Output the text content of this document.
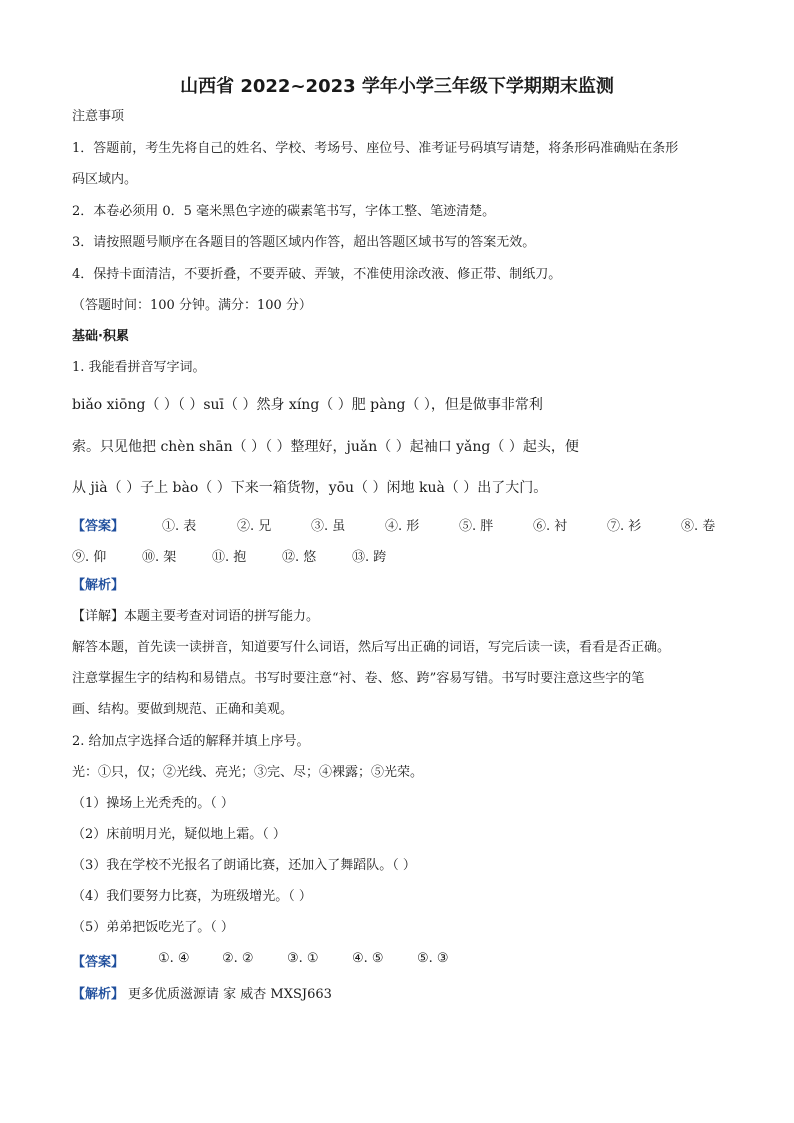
山西省 2022~2023 学年小学三年级下学期期末监测
注意事项
1．答题前，考生先将自己的姓名、学校、考场号、座位号、准考证号码填写请楚，将条形码准确贴在条形
码区域内。
2．本卷必须用 0．5 毫米黑色字迹的碳素笔书写，字体工整、笔迹清楚。
3．请按照题号顺序在各题目的答题区域内作答，超出答题区域书写的答案无效。
4．保持卡面清洁，不要折叠，不要弄破、弄皱，不准使用涂改液、修正带、制纸刀。
（答题时间：100 分钟。满分：100 分）
基础·积累
1. 我能看拼音写字词。
biǎo xiōng（ ）（ ）suī（ ）然身 xíng（ ）肥 pàng（ ），但是做事非常利
索。只见他把 chèn shān（ ）（ ）整理好，juǎn（ ）起袖口 yǎng（ ）起头，便
从 jià（ ）子上 bào（ ）下来一箱货物，yōu（ ）闲地 kuà（ ）出了大门。
【答案】	①. 表	②. 兄	③. 虽	④. 形	⑤. 胖	⑥. 衬	⑦. 衫	⑧. 卷
⑨. 仰	⑩. 架	⑪. 抱	⑫. 悠	⑬. 跨
【解析】
【详解】本题主要考查对词语的拼写能力。
解答本题，首先读一读拼音，知道要写什么词语，然后写出正确的词语，写完后读一读，看看是否正确。
注意掌握生字的结构和易错点。书写时要注意“衬、卷、悠、跨”容易写错。书写时要注意这些字的笔
画、结构。要做到规范、正确和美观。
2. 给加点字选择合适的解释并填上序号。
光：①只，仅；②光线、亮光；③完、尽；④裸露；⑤光荣。
（1）操场上光秃秃的。（ ）
（2）床前明月光，疑似地上霜。（ ）
（3）我在学校不光报名了朗诵比赛，还加入了舞蹈队。（ ）
（4）我们要努力比赛，为班级增光。（ ）
（5）弟弟把饭吃光了。（ ）
【答案】	①. ④ ②. ②	③. ①	④. ⑤	⑤. ③
【解析】 更多优质滋源请 家 威杏 MXSJ663
